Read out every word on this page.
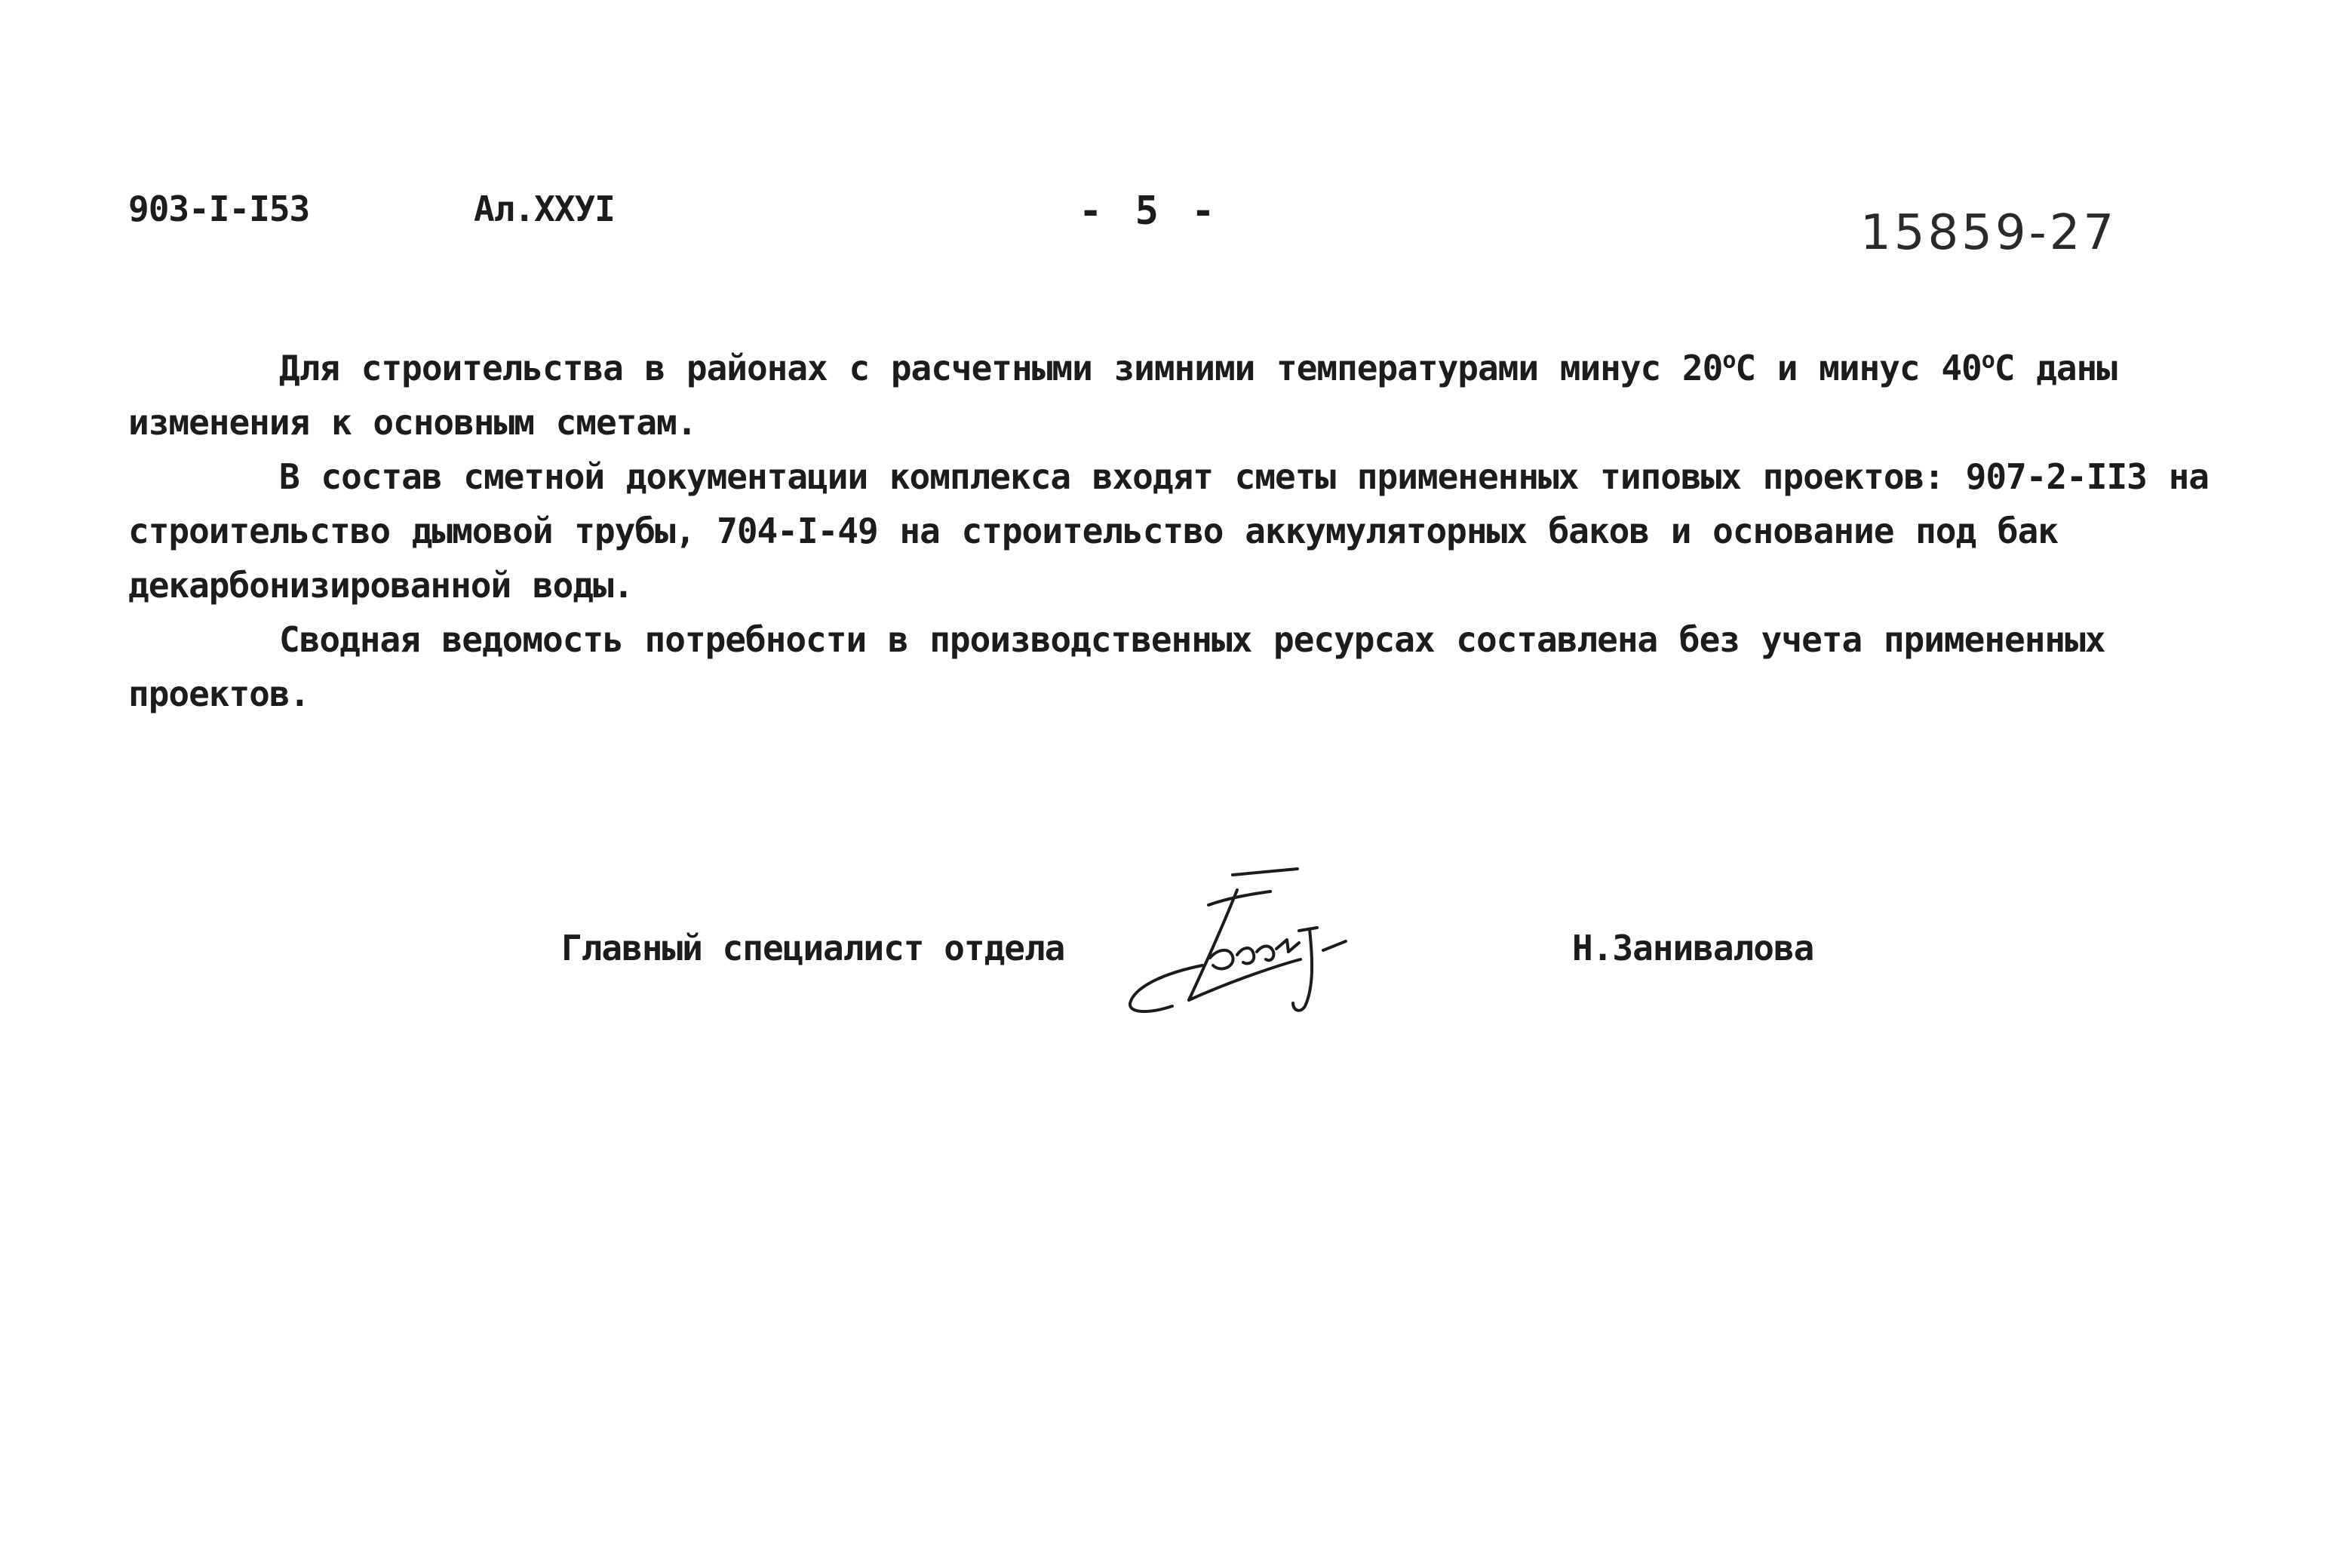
903-I-I53	Ал.XXУI	- 5 -	15859-27

Для строительства в районах с расчетными зимними температурами минус $20^оС$ и минус $40^оС$ даны изменения к основным сметам.

В состав сметной документации комплекса входят сметы примененных типовых проектов: 907-2-II3 на строительство дымовой трубы, 704-I-49 на строительство аккумуляторных баков и основание под бак декарбонизированной воды.

Сводная ведомость потребности в производственных ресурсах составлена без учета примененных проектов.

Главный специалист отдела	Н.Занивалова
